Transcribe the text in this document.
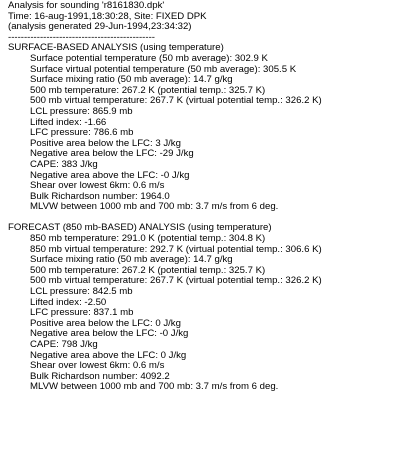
Analysis for sounding 'r8161830.dpk'
Time: 16-aug-1991,18:30:28, Site: FIXED DPK
(analysis generated 29-Jun-1994,23:34:32)
----------------------------------------------
SURFACE-BASED ANALYSIS (using temperature)
Surface potential temperature (50 mb average): 302.9 K
Surface virtual potential temperature (50 mb average): 305.5 K
Surface mixing ratio (50 mb average): 14.7 g/kg
500 mb temperature: 267.2 K (potential temp.: 325.7 K)
500 mb virtual temperature: 267.7 K (virtual potential temp.: 326.2 K)
LCL pressure: 865.9 mb
Lifted index: -1.66
LFC pressure: 786.6 mb
Positive area below the LFC: 3 J/kg
Negative area below the LFC: -29 J/kg
CAPE: 383 J/kg
Negative area above the LFC: -0 J/kg
Shear over lowest 6km: 0.6 m/s
Bulk Richardson number: 1964.0
MLVW between 1000 mb and 700 mb: 3.7 m/s from 6 deg.
FORECAST (850 mb-BASED) ANALYSIS (using temperature)
850 mb temperature: 291.0 K (potential temp.: 304.8 K)
850 mb virtual temperature: 292.7 K (virtual potential temp.: 306.6 K)
Surface mixing ratio (50 mb average): 14.7 g/kg
500 mb temperature: 267.2 K (potential temp.: 325.7 K)
500 mb virtual temperature: 267.7 K (virtual potential temp.: 326.2 K)
LCL pressure: 842.5 mb
Lifted index: -2.50
LFC pressure: 837.1 mb
Positive area below the LFC: 0 J/kg
Negative area below the LFC: -0 J/kg
CAPE: 798 J/kg
Negative area above the LFC: 0 J/kg
Shear over lowest 6km: 0.6 m/s
Bulk Richardson number: 4092.2
MLVW between 1000 mb and 700 mb: 3.7 m/s from 6 deg.
